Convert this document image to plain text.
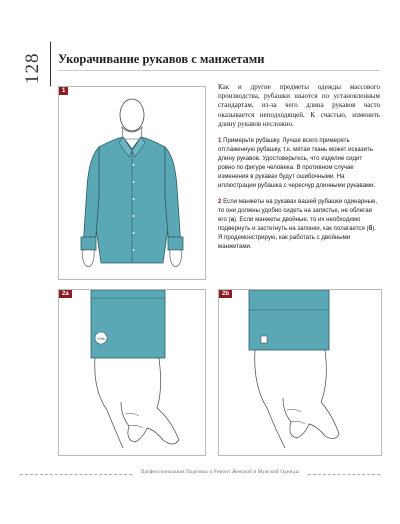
128 Укорачивание рукавов с манжетами
1	Как и другие предметы одежды массового производства, рубашки шьются по установленным стандартам, из-за чего длина рукавов часто оказывается неподходящей. К счастью, изменить длину рукавов несложно.

1 Примерьте рубашку. Лучше всего примерять отглаженную рубашку, т.к. мятая ткань может исказить длину рукавов. Удостоверьтесь, что изделие сидит ровно по фигуре человека. В противном случае изменения в рукавах будут ошибочными. На иллюстрации рубашка с чересчур длинными рукавами.

2 Если манжеты на рукавах вашей рубашки одинарные, то они должны удобно сидеть на запястье, не облегая его (а). Если манжеты двойные, то их необходимо подвернуть и застегнуть на запонки, как полагается (б). Я продемонстрирую, как работать с двойными манжетами.

CHA
2a	2b
Профессиональная Подгонка и Ремонт Женской и Мужской Одежды
